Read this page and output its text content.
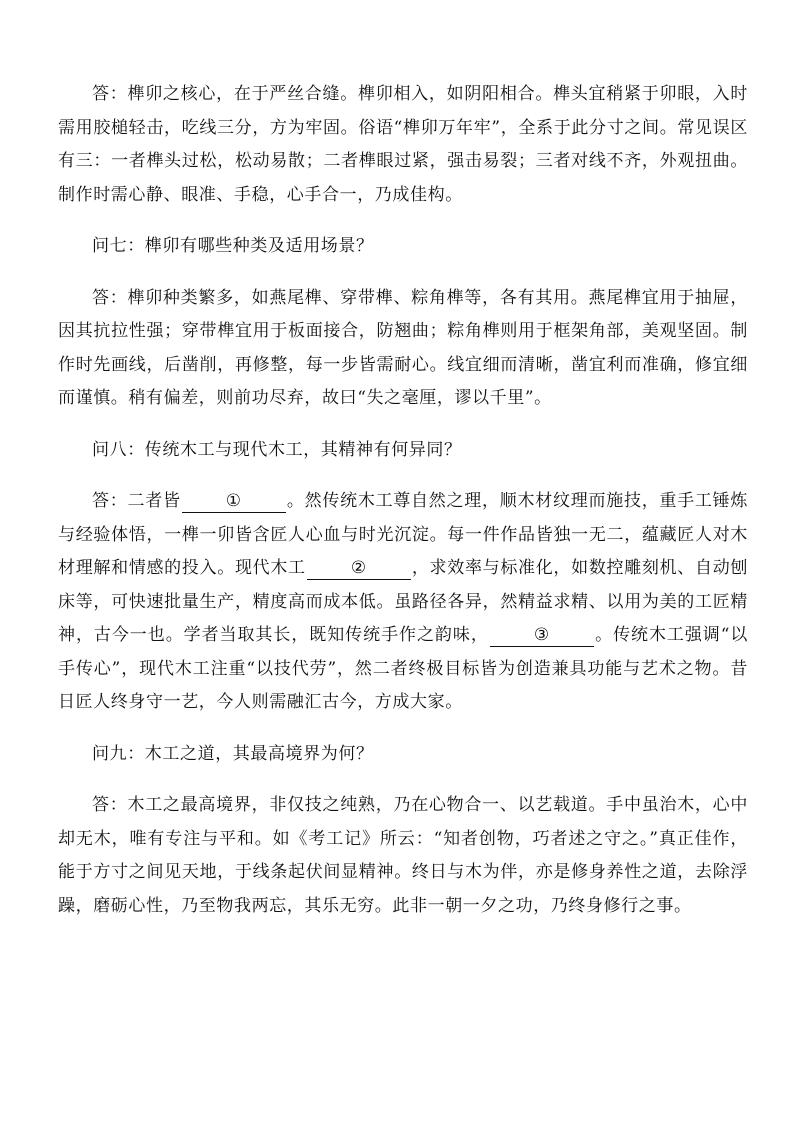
答：榫卯之核心，在于严丝合缝。榫卯相入，如阴阳相合。榫头宜稍紧于卯眼，入时需用胶槌轻击，吃线三分，方为牢固。俗语“榫卯万年牢”，全系于此分寸之间。常见误区有三：一者榫头过松，松动易散；二者榫眼过紧，强击易裂；三者对线不齐，外观扭曲。制作时需心静、眼准、手稳，心手合一，乃成佳构。

问七：榫卯有哪些种类及适用场景？

答：榫卯种类繁多，如燕尾榫、穿带榫、粽角榫等，各有其用。燕尾榫宜用于抽屉，因其抗拉性强；穿带榫宜用于板面接合，防翘曲；粽角榫则用于框架角部，美观坚固。制作时先画线，后凿削，再修整，每一步皆需耐心。线宜细而清晰，凿宜利而准确，修宜细而谨慎。稍有偏差，则前功尽弃，故曰“失之毫厘，谬以千里”。

问八：传统木工与现代木工，其精神有何异同？

答：二者皆	①	。然传统木工尊自然之理，顺木材纹理而施技，重手工锤炼与经验体悟，一榫一卯皆含匠人心血与时光沉淀。每一件作品皆独一无二，蕴藏匠人对木材理解和情感的投入。现代木工	②	，求效率与标准化，如数控雕刻机、自动刨床等，可快速批量生产，精度高而成本低。虽路径各异，然精益求精、以用为美的工匠精神，古今一也。学者当取其长，既知传统手作之韵味，	③	。传统木工强调“以手传心”，现代木工注重“以技代劳”，然二者终极目标皆为创造兼具功能与艺术之物。昔日匠人终身守一艺，今人则需融汇古今，方成大家。

问九：木工之道，其最高境界为何？

答：木工之最高境界，非仅技之纯熟，乃在心物合一、以艺载道。手中虽治木，心中却无木，唯有专注与平和。如《考工记》所云：“知者创物，巧者述之守之。”真正佳作，能于方寸之间见天地，于线条起伏间显精神。终日与木为伴，亦是修身养性之道，去除浮躁，磨砺心性，乃至物我两忘，其乐无穷。此非一朝一夕之功，乃终身修行之事。
